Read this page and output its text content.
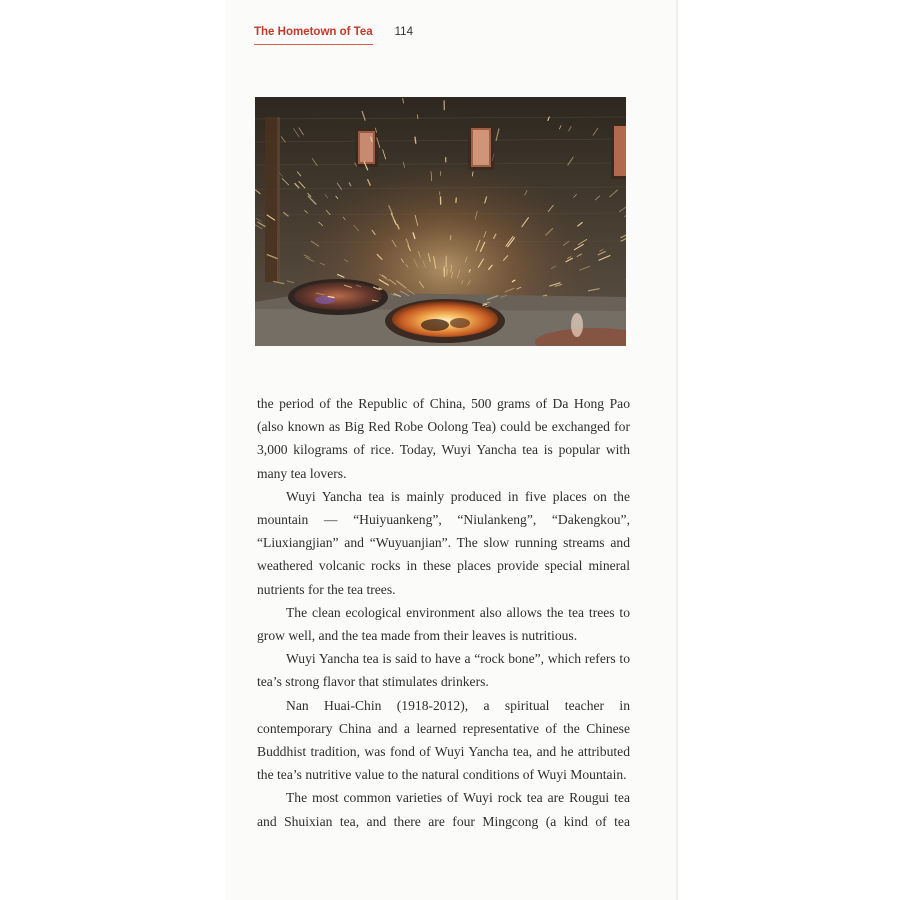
The Hometown of Tea 114

the period of the Republic of China, 500 grams of Da Hong Pao (also known as Big Red Robe Oolong Tea) could be exchanged for 3,000 kilograms of rice. Today, Wuyi Yancha tea is popular with many tea lovers.

Wuyi Yancha tea is mainly produced in five places on the mountain — “Huiyuankeng”, “Niulankeng”, “Dakengkou”, “Liuxiangjian” and “Wuyuanjian”. The slow running streams and weathered volcanic rocks in these places provide special mineral nutrients for the tea trees.

The clean ecological environment also allows the tea trees to grow well, and the tea made from their leaves is nutritious.

Wuyi Yancha tea is said to have a “rock bone”, which refers to tea’s strong flavor that stimulates drinkers.

Nan Huai-Chin (1918-2012), a spiritual teacher in contemporary China and a learned representative of the Chinese Buddhist tradition, was fond of Wuyi Yancha tea, and he attributed the tea’s nutritive value to the natural conditions of Wuyi Mountain.

The most common varieties of Wuyi rock tea are Rougui tea and Shuixian tea, and there are four Mingcong (a kind of tea
